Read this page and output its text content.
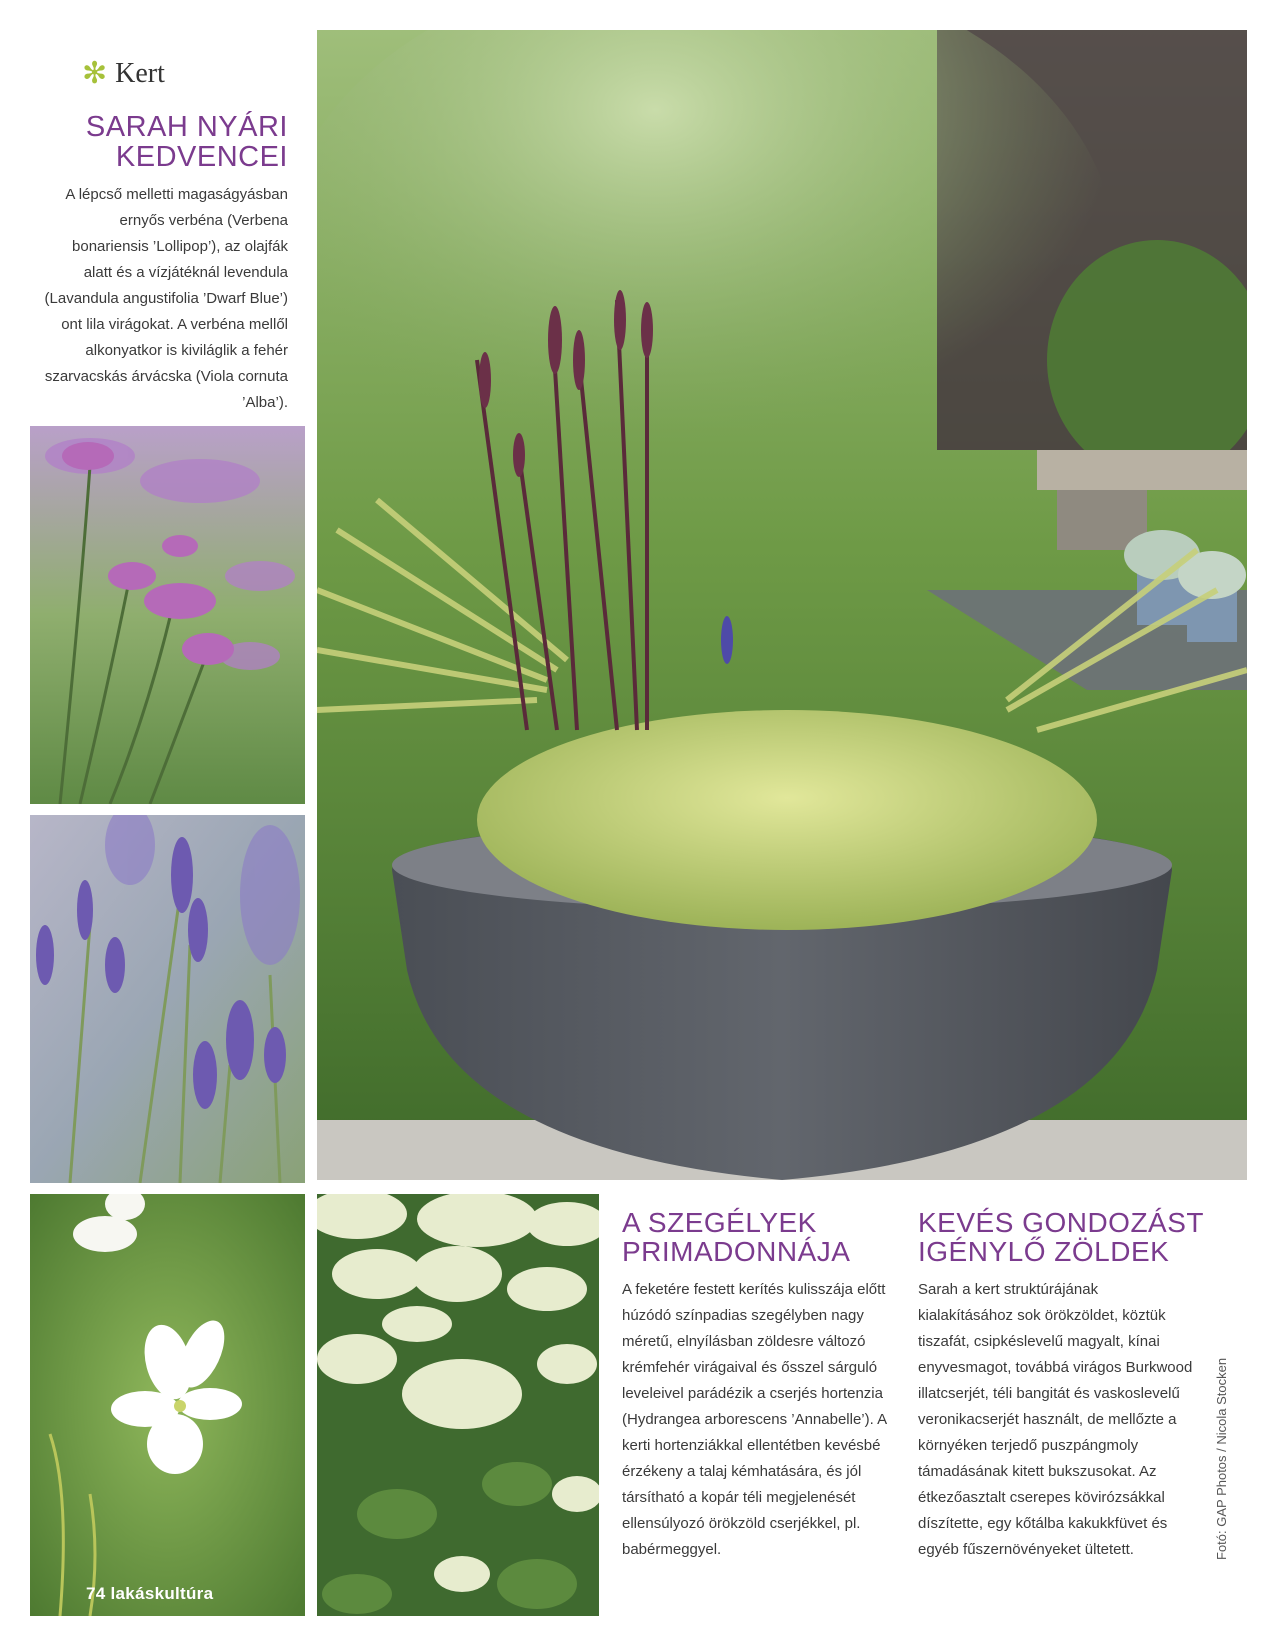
✻ Kert
SARAH NYÁRI
KEDVENCEI

A lépcső melletti magaságyásban ernyős verbéna (Verbena bonariensis ’Lollipop’), az olajfák alatt és a vízjátéknál levendula (Lavandula angustifolia ’Dwarf Blue’) ont lila virágokat. A verbéna mellől alkonyatkor is kiviláglik a fehér szarvacskás árvácska (Viola cornuta ’Alba’).

A SZEGÉLYEK
PRIMADONNÁJA

A feketére festett kerítés kulisszája előtt húzódó színpadias szegélyben nagy méretű, elnyílásban zöldesre változó krémfehér virágaival és ősszel sárguló leveleivel parádézik a cserjés hortenzia (Hydrangea arborescens ’Annabelle’). A kerti hortenziákkal ellentétben kevésbé érzékeny a talaj kémhatására, és jól társítható a kopár téli megjelenését ellensúlyozó örökzöld cserjékkel, pl. babérmeggyel.

KEVÉS GONDOZÁST
IGÉNYLŐ ZÖLDEK

Sarah a kert struktúrájának kialakításához sok örökzöldet, köztük tiszafát, csipkéslevelű magyalt, kínai enyvesmagot, továbbá virágos Burkwood illatcserjét, téli bangitát és vaskoslevelű veronikacserjét használt, de mellőzte a környéken terjedő puszpángmoly támadásának kitett bukszusokat. Az étkezőasztalt cserepes kövirózsákkal díszítette, egy kőtálba kakukkfüvet és egyéb fűszernövényeket ültetett.

74 lakáskultúra
Fotó: GAP Photos / Nicola Stocken
